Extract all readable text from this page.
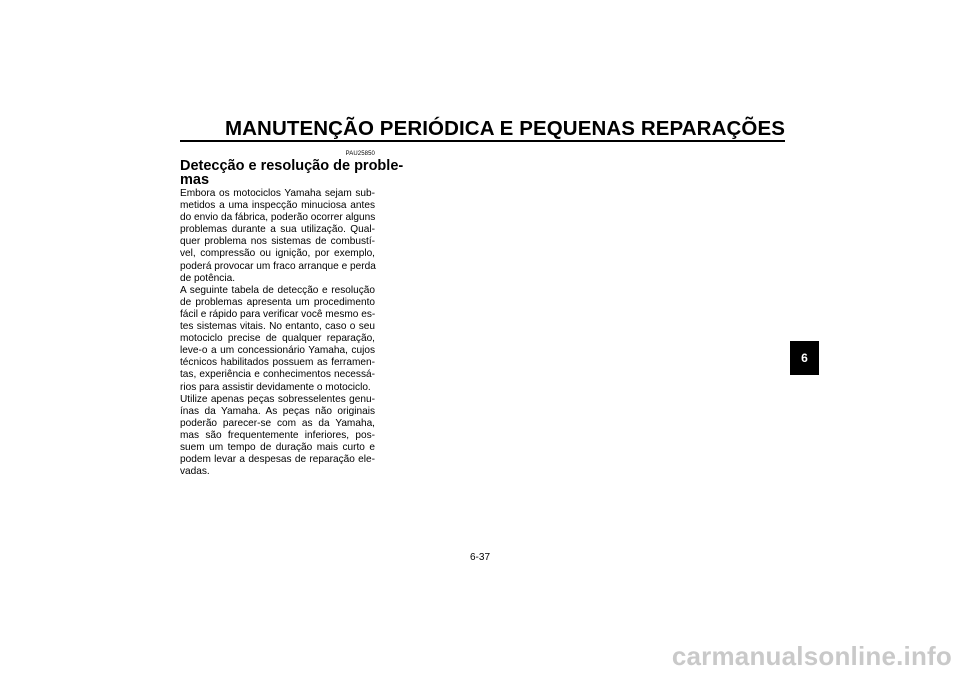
MANUTENÇÃO PERIÓDICA E PEQUENAS REPARAÇÕES
PAU25850
Detecção e resolução de proble-
mas
Embora os motociclos Yamaha sejam sub-
metidos a uma inspecção minuciosa antes
do envio da fábrica, poderão ocorrer alguns
problemas durante a sua utilização. Qual-
quer problema nos sistemas de combustí-
vel, compressão ou ignição, por exemplo,
poderá provocar um fraco arranque e perda
de potência.
A seguinte tabela de detecção e resolução
de problemas apresenta um procedimento
fácil e rápido para verificar você mesmo es-
tes sistemas vitais. No entanto, caso o seu
motociclo precise de qualquer reparação,
leve-o a um concessionário Yamaha, cujos
técnicos habilitados possuem as ferramen-
tas, experiência e conhecimentos necessá-
rios para assistir devidamente o motociclo.
Utilize apenas peças sobresselentes genu-
ínas da Yamaha. As peças não originais
poderão parecer-se com as da Yamaha,
mas são frequentemente inferiores, pos-
suem um tempo de duração mais curto e
podem levar a despesas de reparação ele-
vadas.
6
6-37
carmanualsonline.info
